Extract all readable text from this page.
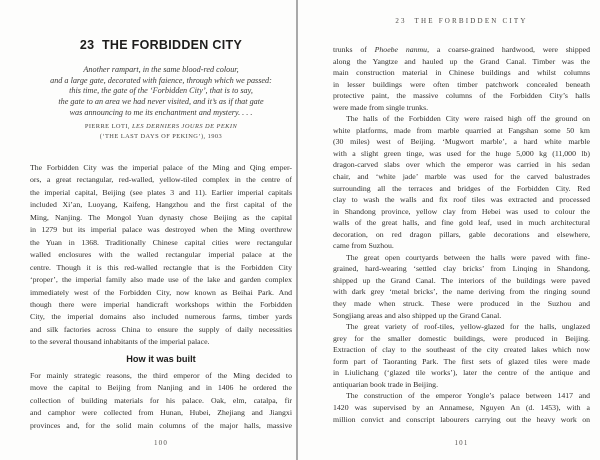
23  THE FORBIDDEN CITY
Another rampart, in the same blood-red colour,
and a large gate, decorated with faience, through which we passed:
this time, the gate of the ‘Forbidden City’, that is to say,
the gate to an area we had never visited, and it’s as if that gate
was announcing to me its enchantment and mystery. . . .
PIERRE LOTI, LES DERNIERS JOURS DE PEKIN
(‘THE LAST DAYS OF PEKING’), 1903
The Forbidden City was the imperial palace of the Ming and Qing emper-
ors, a great rectangular, red-walled, yellow-tiled complex in the centre of
the imperial capital, Beijing (see plates 3 and 11). Earlier imperial capitals
included Xi’an, Luoyang, Kaifeng, Hangzhou and the first capital of the
Ming, Nanjing. The Mongol Yuan dynasty chose Beijing as the capital
in 1279 but its imperial palace was destroyed when the Ming overthrew
the Yuan in 1368. Traditionally Chinese capital cities were rectangular
walled enclosures with the walled rectangular imperial palace at the
centre. Though it is this red-walled rectangle that is the Forbidden City
‘proper’, the imperial family also made use of the lake and garden complex
immediately west of the Forbidden City, now known as Beihai Park. And
though there were imperial handicraft workshops within the Forbidden
City, the imperial domains also included numerous farms, timber yards
and silk factories across China to ensure the supply of daily necessities
to the several thousand inhabitants of the imperial palace.
How it was built
For mainly strategic reasons, the third emperor of the Ming decided to
move the capital to Beijing from Nanjing and in 1406 he ordered the
collection of building materials for his palace. Oak, elm, catalpa, fir
and camphor were collected from Hunan, Hubei, Zhejiang and Jiangxi
provinces and, for the solid main columns of the major halls, massive
100
23  THE FORBIDDEN CITY
trunks of Phoebe nanmu, a coarse-grained hardwood, were shipped
along the Yangtze and hauled up the Grand Canal. Timber was the
main construction material in Chinese buildings and whilst columns
in lesser buildings were often timber patchwork concealed beneath
protective paint, the massive columns of the Forbidden City’s halls
were made from single trunks.
The halls of the Forbidden City were raised high off the ground on
white platforms, made from marble quarried at Fangshan some 50 km
(30 miles) west of Beijing. ‘Mugwort marble’, a hard white marble
with a slight green tinge, was used for the huge 5,000 kg (11,000 lb)
dragon-carved slabs over which the emperor was carried in his sedan
chair, and ‘white jade’ marble was used for the carved balustrades
surrounding all the terraces and bridges of the Forbidden City. Red
clay to wash the walls and fix roof tiles was extracted and processed
in Shandong province, yellow clay from Hebei was used to colour the
walls of the great halls, and fine gold leaf, used in much architectural
decoration, on red dragon pillars, gable decorations and elsewhere,
came from Suzhou.
The great open courtyards between the halls were paved with fine-
grained, hard-wearing ‘settled clay bricks’ from Linqing in Shandong,
shipped up the Grand Canal. The interiors of the buildings were paved
with dark grey ‘metal bricks’, the name deriving from the ringing sound
they made when struck. These were produced in the Suzhou and
Songjiang areas and also shipped up the Grand Canal.
The great variety of roof-tiles, yellow-glazed for the halls, unglazed
grey for the smaller domestic buildings, were produced in Beijing.
Extraction of clay to the southeast of the city created lakes which now
form part of Taoranting Park. The first sets of glazed tiles were made
in Liulichang (‘glazed tile works’), later the centre of the antique and
antiquarian book trade in Beijing.
The construction of the emperor Yongle’s palace between 1417 and
1420 was supervised by an Annamese, Nguyen An (d. 1453), with a
million convict and conscript labourers carrying out the heavy work on
101
